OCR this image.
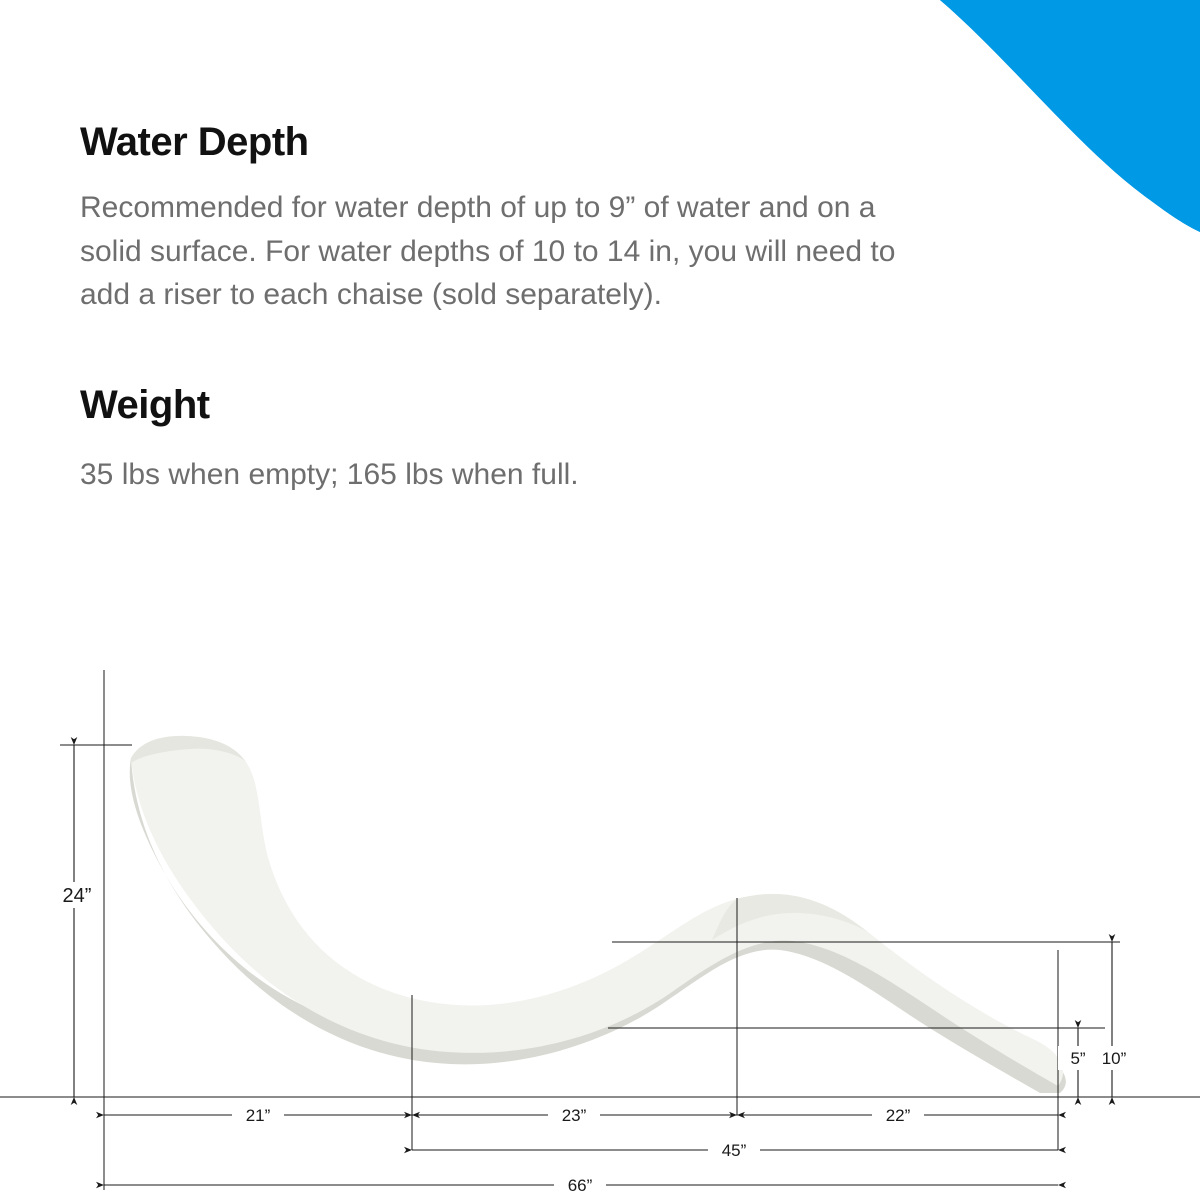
Water Depth

Recommended for water depth of up to 9” of water and on a solid surface. For water depths of 10 to 14 in, you will need to add a riser to each chaise (sold separately).

Weight

35 lbs when empty; 165 lbs when full.

24”
5” 10”
21”	23”	22”
45”
66”
